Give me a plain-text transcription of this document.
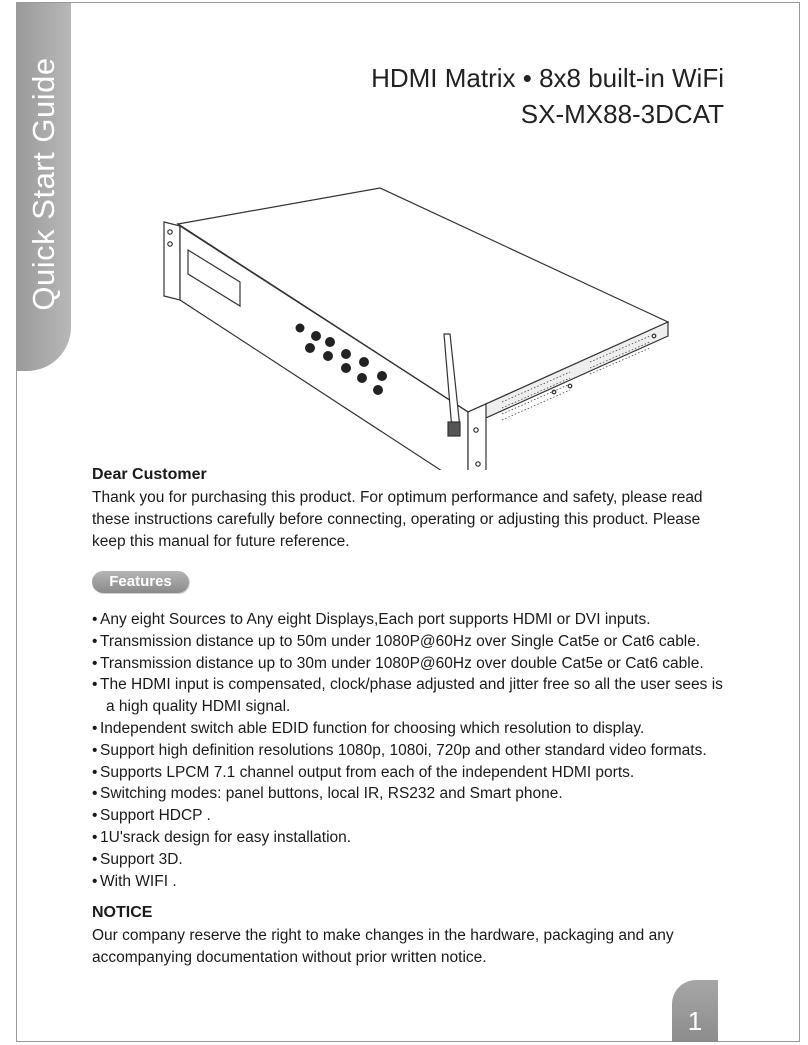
Quick Start Guide	HDMI Matrix • 8x8 built-in WiFi
SX-MX88-3DCAT
Dear Customer
Thank you for purchasing this product. For optimum performance and safety, please read these instructions carefully before connecting, operating or adjusting this product. Please keep this manual for future reference.
Features
• Any eight Sources to Any eight Displays,Each port supports HDMI or DVI inputs.
• Transmission distance up to 50m under 1080P@60Hz over Single Cat5e or Cat6 cable.
• Transmission distance up to 30m under 1080P@60Hz over double Cat5e or Cat6 cable.
• The HDMI input is compensated, clock/phase adjusted and jitter free so all the user sees is
a high quality HDMI signal.
• Independent switch able EDID function for choosing which resolution to display.
• Support high definition resolutions 1080p, 1080i, 720p and other standard video formats.
• Supports LPCM 7.1 channel output from each of the independent HDMI ports.
• Switching modes: panel buttons, local IR, RS232 and Smart phone.
• Support HDCP .
• 1U'srack design for easy installation.
• Support 3D.
• With WIFI .
NOTICE
Our company reserve the right to make changes in the hardware, packaging and any accompanying documentation without prior written notice.
1
